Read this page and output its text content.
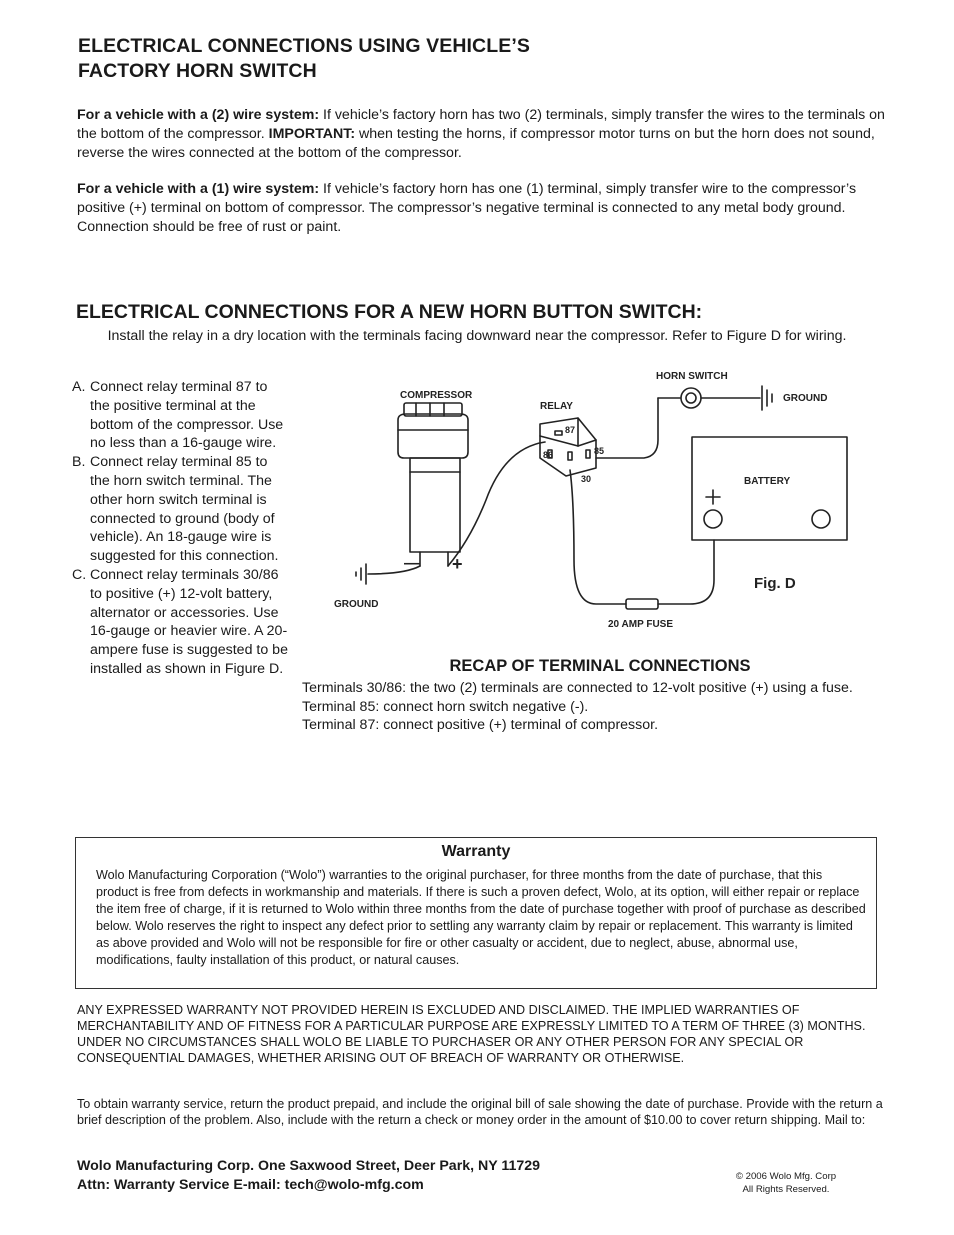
ELECTRICAL CONNECTIONS USING VEHICLE’S
FACTORY HORN SWITCH

For a vehicle with a (2) wire system: If vehicle’s factory horn has two (2) terminals, simply transfer the wires to the terminals on the bottom of the compressor. IMPORTANT: when testing the horns, if compressor motor turns on but the horn does not sound, reverse the wires connected at the bottom of the compressor.

For a vehicle with a (1) wire system: If vehicle’s factory horn has one (1) terminal, simply transfer wire to the compressor’s positive (+) terminal on bottom of compressor. The compressor’s negative terminal is connected to any metal body ground. Connection should be free of rust or paint.

ELECTRICAL CONNECTIONS FOR A NEW HORN BUTTON SWITCH:
Install the relay in a dry location with the terminals facing downward near the compressor. Refer to Figure D for wiring.
A. Connect relay terminal 87 to the positive terminal at the bottom of the compressor. Use no less than a 16-gauge wire.
B. Connect relay terminal 85 to the horn switch terminal. The other horn switch terminal is connected to ground (body of vehicle). An 18-gauge wire is suggested for this connection.
C. Connect relay terminals 30/86 to positive (+) 12-volt battery, alternator or accessories. Use 16-gauge or heavier wire. A 20-ampere fuse is suggested to be installed as shown in Figure D.
COMPRESSOR
RELAY
HORN SWITCH
GROUND
GROUND
BATTERY
20 AMP FUSE
Fig. D
87
86	85
30
— +
RECAP OF TERMINAL CONNECTIONS
Terminals 30/86: the two (2) terminals are connected to 12-volt positive (+) using a fuse.
Terminal 85: connect horn switch negative (-).
Terminal 87: connect positive (+) terminal of compressor.
Warranty
Wolo Manufacturing Corporation (“Wolo”) warranties to the original purchaser, for three months from the date of purchase, that this product is free from defects in workmanship and materials. If there is such a proven defect, Wolo, at its option, will either repair or replace the item free of charge, if it is returned to Wolo within three months from the date of purchase together with proof of purchase as described below. Wolo reserves the right to inspect any defect prior to settling any warranty claim by repair or replacement. This warranty is limited as above provided and Wolo will not be responsible for fire or other casualty or accident, due to neglect, abuse, abnormal use, modifications, faulty installation of this product, or natural causes.
ANY EXPRESSED WARRANTY NOT PROVIDED HEREIN IS EXCLUDED AND DISCLAIMED. THE IMPLIED WARRANTIES OF MERCHANTABILITY AND OF FITNESS FOR A PARTICULAR PURPOSE ARE EXPRESSLY LIMITED TO A TERM OF THREE (3) MONTHS. UNDER NO CIRCUMSTANCES SHALL WOLO BE LIABLE TO PURCHASER OR ANY OTHER PERSON FOR ANY SPECIAL OR CONSEQUENTIAL DAMAGES, WHETHER ARISING OUT OF BREACH OF WARRANTY OR OTHERWISE.
To obtain warranty service, return the product prepaid, and include the original bill of sale showing the date of purchase. Provide with the return a brief description of the problem. Also, include with the return a check or money order in the amount of $10.00 to cover return shipping. Mail to:
Wolo Manufacturing Corp. One Saxwood Street, Deer Park, NY 11729
Attn: Warranty Service E-mail: tech@wolo-mfg.com
© 2006 Wolo Mfg. Corp
All Rights Reserved.
